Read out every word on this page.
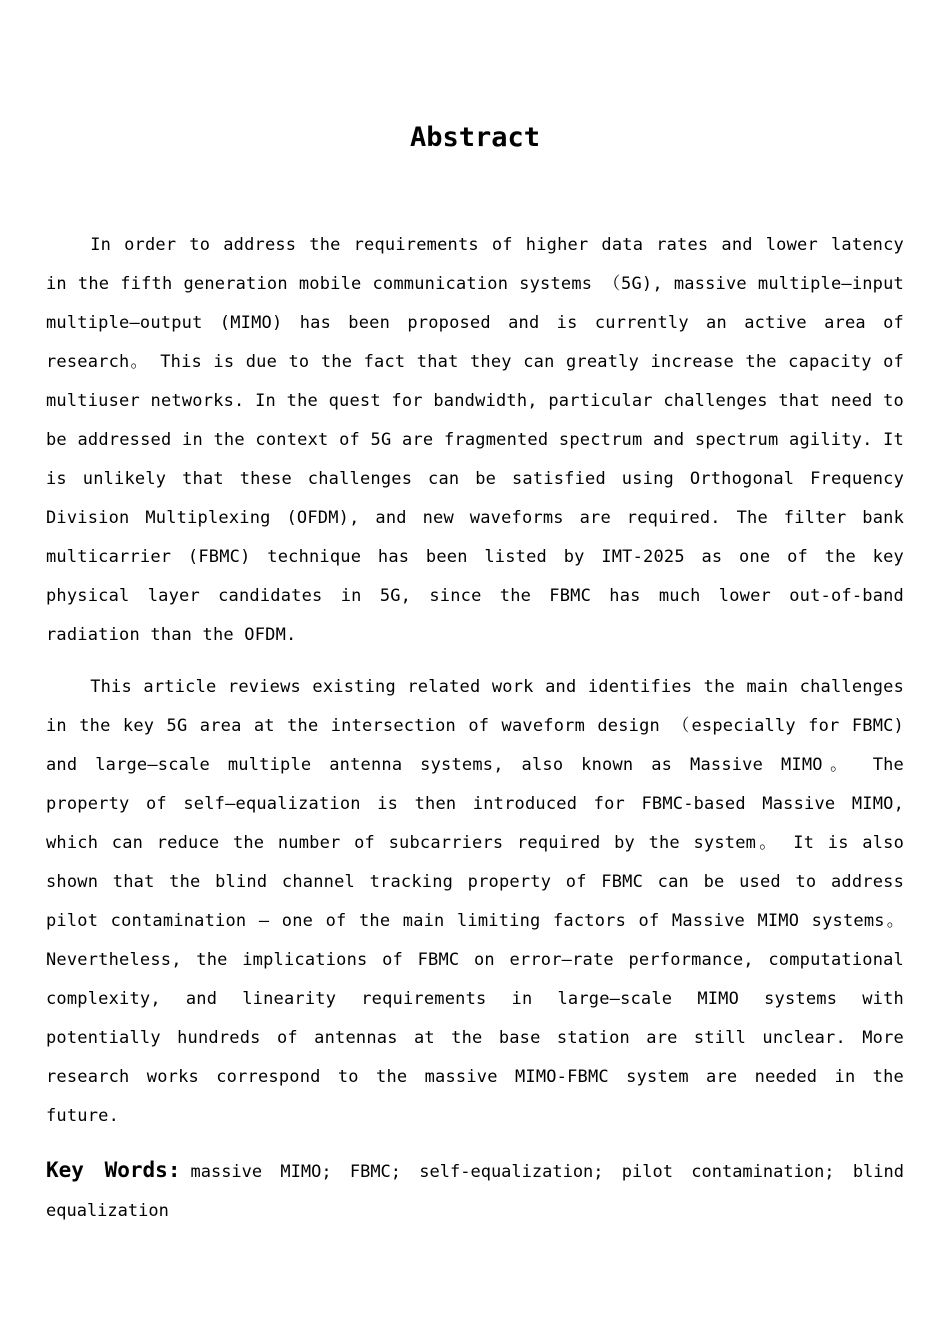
Abstract

In order to address the requirements of higher data rates and lower latency in the fifth generation mobile communication systems （5G), massive multiple—input multiple—output (MIMO) has been proposed and is currently an active area of research。 This is due to the fact that they can greatly increase the capacity of multiuser networks. In the quest for bandwidth, particular challenges that need to be addressed in the context of 5G are fragmented spectrum and spectrum agility. It is unlikely that these challenges can be satisfied using Orthogonal Frequency Division Multiplexing (OFDM), and new waveforms are required. The filter bank multicarrier (FBMC) technique has been listed by IMT-2025 as one of the key physical layer candidates in 5G, since the FBMC has much lower out-of-band radiation than the OFDM.

This article reviews existing related work and identifies the main challenges in the key 5G area at the intersection of waveform design （especially for FBMC) and large—scale multiple antenna systems, also known as Massive MIMO。 The property of self—equalization is then introduced for FBMC-based Massive MIMO, which can reduce the number of subcarriers required by the system。 It is also shown that the blind channel tracking property of FBMC can be used to address pilot contamination — one of the main limiting factors of Massive MIMO systems。 Nevertheless, the implications of FBMC on error—rate performance, computational complexity, and linearity requirements in large—scale MIMO systems with potentially hundreds of antennas at the base station are still unclear. More research works correspond to the massive MIMO-FBMC system are needed in the future.

Key Words: massive MIMO; FBMC; self-equalization; pilot contamination; blind equalization
